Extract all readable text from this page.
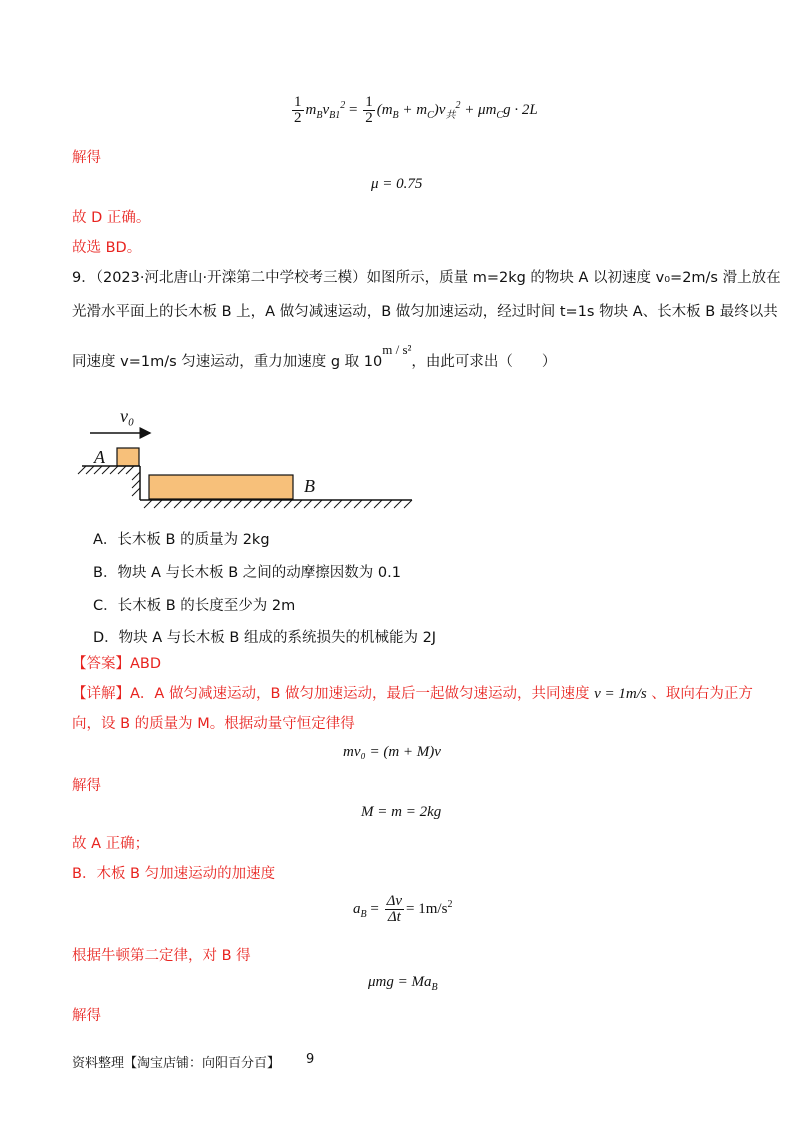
$\frac{1}{2} m_Bv_{B1}^2 = \frac{1}{2} (m_B + m_C)v_共^2 + \mu m_Cg \cdot 2L$
解得
μ = 0.75
故 D 正确。
故选 BD。
9．（2023·河北唐山·开滦第二中学校考三模）如图所示，质量 m=2kg 的物块 A 以初速度 v₀=2m/s 滑上放在
光滑水平面上的长木板 B 上，A 做匀减速运动，B 做匀加速运动，经过时间 t=1s 物块 A、长木板 B 最终以共
同速度 v=1m/s 匀速运动，重力加速度 g 取 10m / s²，由此可求出（　　）
v₀
A
B
A．长木板 B 的质量为 2kg
B．物块 A 与长木板 B 之间的动摩擦因数为 0.1
C．长木板 B 的长度至少为 2m
D．物块 A 与长木板 B 组成的系统损失的机械能为 2J
【答案】ABD
【详解】A．A 做匀减速运动，B 做匀加速运动，最后一起做匀速运动，共同速度 v = 1m/s 、取向右为正方
向，设 B 的质量为 M。根据动量守恒定律得
mv₀ = (m + M)v
解得
M = m = 2kg
故 A 正确；
B．木板 B 匀加速运动的加速度
$a_B = \frac{\Delta v}{\Delta t} = 1m/s^2$
根据牛顿第二定律，对 B 得
$\mu mg = Ma_B$
解得
资料整理【淘宝店铺：向阳百分百】 9
